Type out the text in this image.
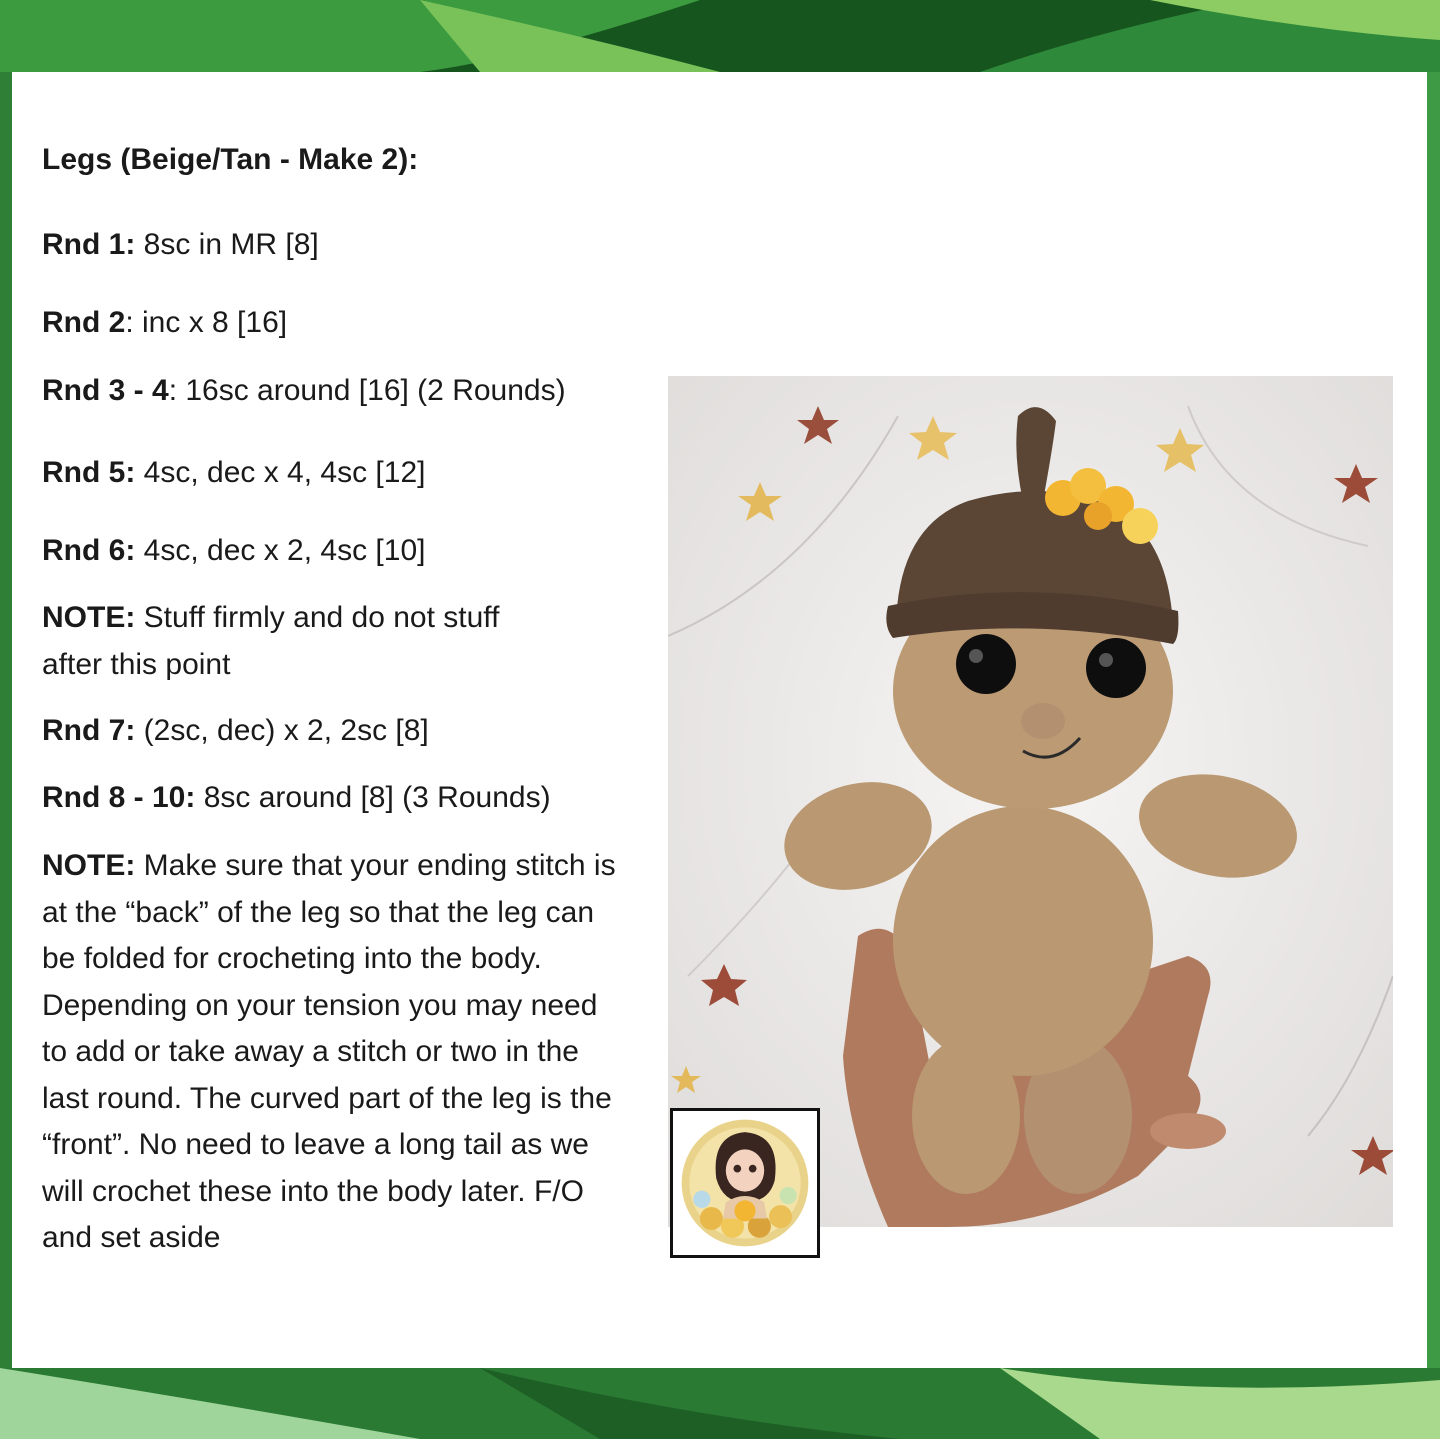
Legs (Beige/Tan - Make 2):

Rnd 1: 8sc in MR [8]

Rnd 2: inc x 8 [16]

Rnd 3 - 4: 16sc around [16] (2 Rounds)

Rnd 5: 4sc, dec x 4, 4sc [12]

Rnd 6: 4sc, dec x 2, 4sc [10]

NOTE: Stuff firmly and do not stuff after this point

Rnd 7: (2sc, dec) x 2, 2sc [8]

Rnd 8 - 10: 8sc around [8] (3 Rounds)

NOTE: Make sure that your ending stitch is at the “back” of the leg so that the leg can be folded for crocheting into the body. Depending on your tension you may need to add or take away a stitch or two in the last round. The curved part of the leg is the “front”. No need to leave a long tail as we will crochet these into the body later. F/O and set aside
